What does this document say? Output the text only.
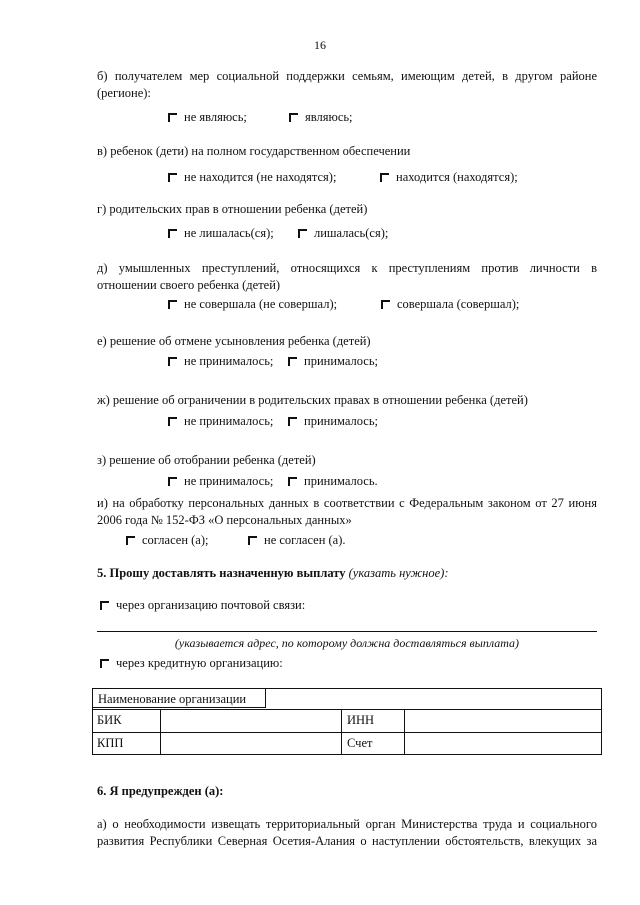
16
б) получателем мер социальной поддержки семьям, имеющим детей, в другом районе (регионе):
не являюсь;	являюсь;
в) ребенок (дети) на полном государственном обеспечении
не находится (не находятся);	находится (находятся);
г) родительских прав в отношении ребенка (детей)
не лишалась(ся);	лишалась(ся);
д) умышленных преступлений, относящихся к преступлениям против личности в
отношении своего ребенка (детей)
не совершала (не совершал);	совершала (совершал);
е) решение об отмене усыновления ребенка (детей)
не принималось; принималось;
ж) решение об ограничении в родительских правах в отношении ребенка (детей)
не принималось; принималось;
з) решение об отобрании ребенка (детей)
не принималось; принималось.
и) на обработку персональных данных в соответствии с Федеральным законом от 27 июня
2006 года № 152-ФЗ «О персональных данных»
согласен (а);	не согласен (а).
5. Прошу доставлять назначенную выплату (указать нужное):
через организацию почтовой связи:
(указывается адрес, по которому должна доставляться выплата)
через кредитную организацию:
Наименование организации
БИК	ИНН
КПП	Счет
6. Я предупрежден (а):
а) о необходимости извещать территориальный орган Министерства труда и социального
развития Республики Северная Осетия-Алания о наступлении обстоятельств, влекущих за
